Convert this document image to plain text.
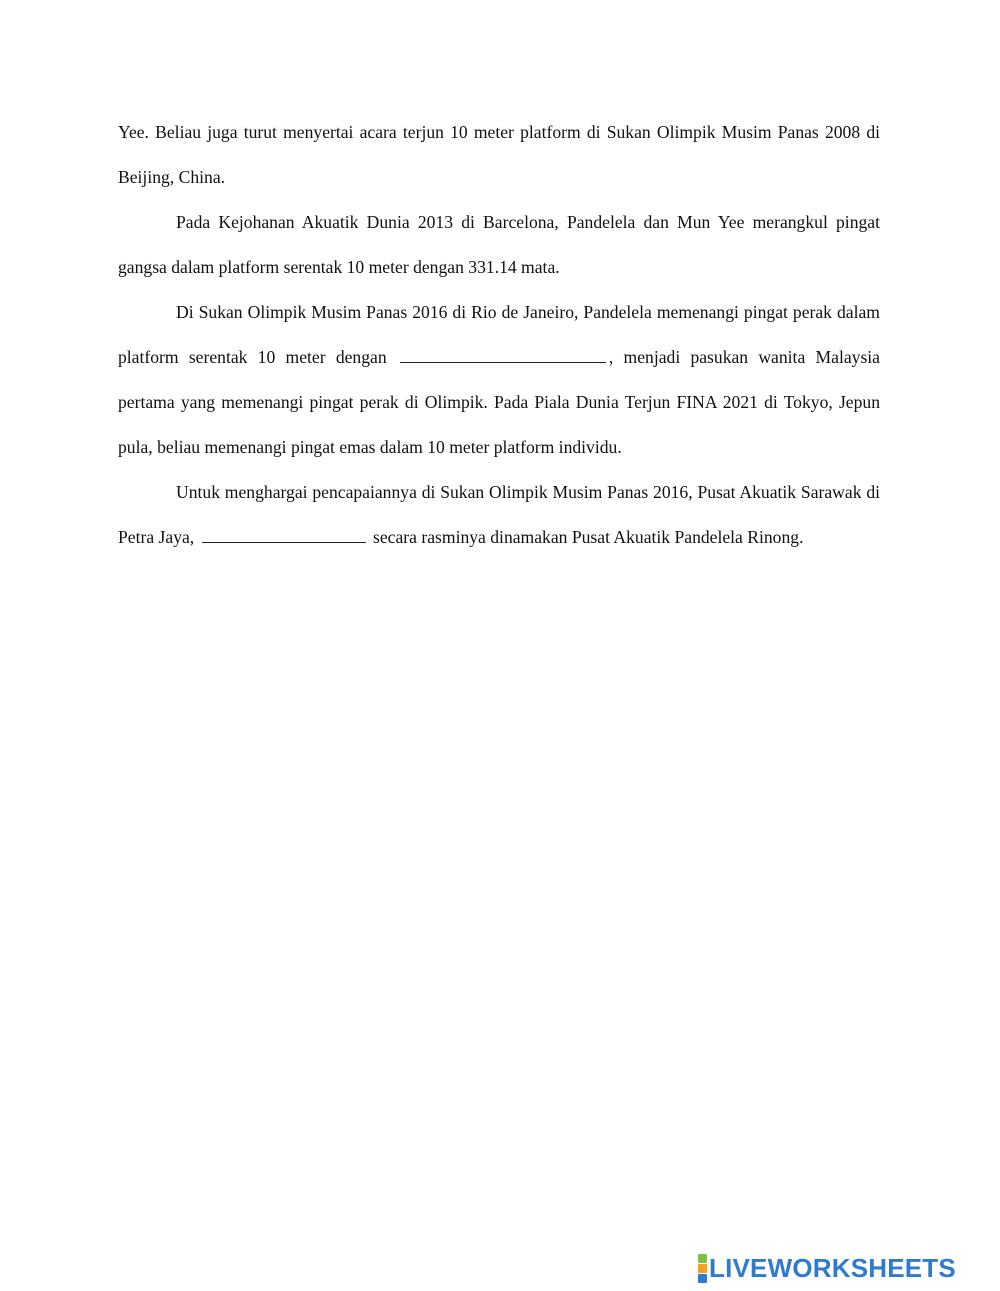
Yee. Beliau juga turut menyertai acara terjun 10 meter platform di Sukan Olimpik Musim Panas 2008 di Beijing, China.

Pada Kejohanan Akuatik Dunia 2013 di Barcelona, Pandelela dan Mun Yee merangkul pingat gangsa dalam platform serentak 10 meter dengan 331.14 mata.

Di Sukan Olimpik Musim Panas 2016 di Rio de Janeiro, Pandelela memenangi pingat perak dalam platform serentak 10 meter dengan	, menjadi pasukan wanita Malaysia pertama yang memenangi pingat perak di Olimpik. Pada Piala Dunia Terjun FINA 2021 di Tokyo, Jepun pula, beliau memenangi pingat emas dalam 10 meter platform individu.

Untuk menghargai pencapaiannya di Sukan Olimpik Musim Panas 2016, Pusat Akuatik Sarawak di Petra Jaya,	secara rasminya dinamakan Pusat Akuatik Pandelela Rinong.

LIVEWORKSHEETS
